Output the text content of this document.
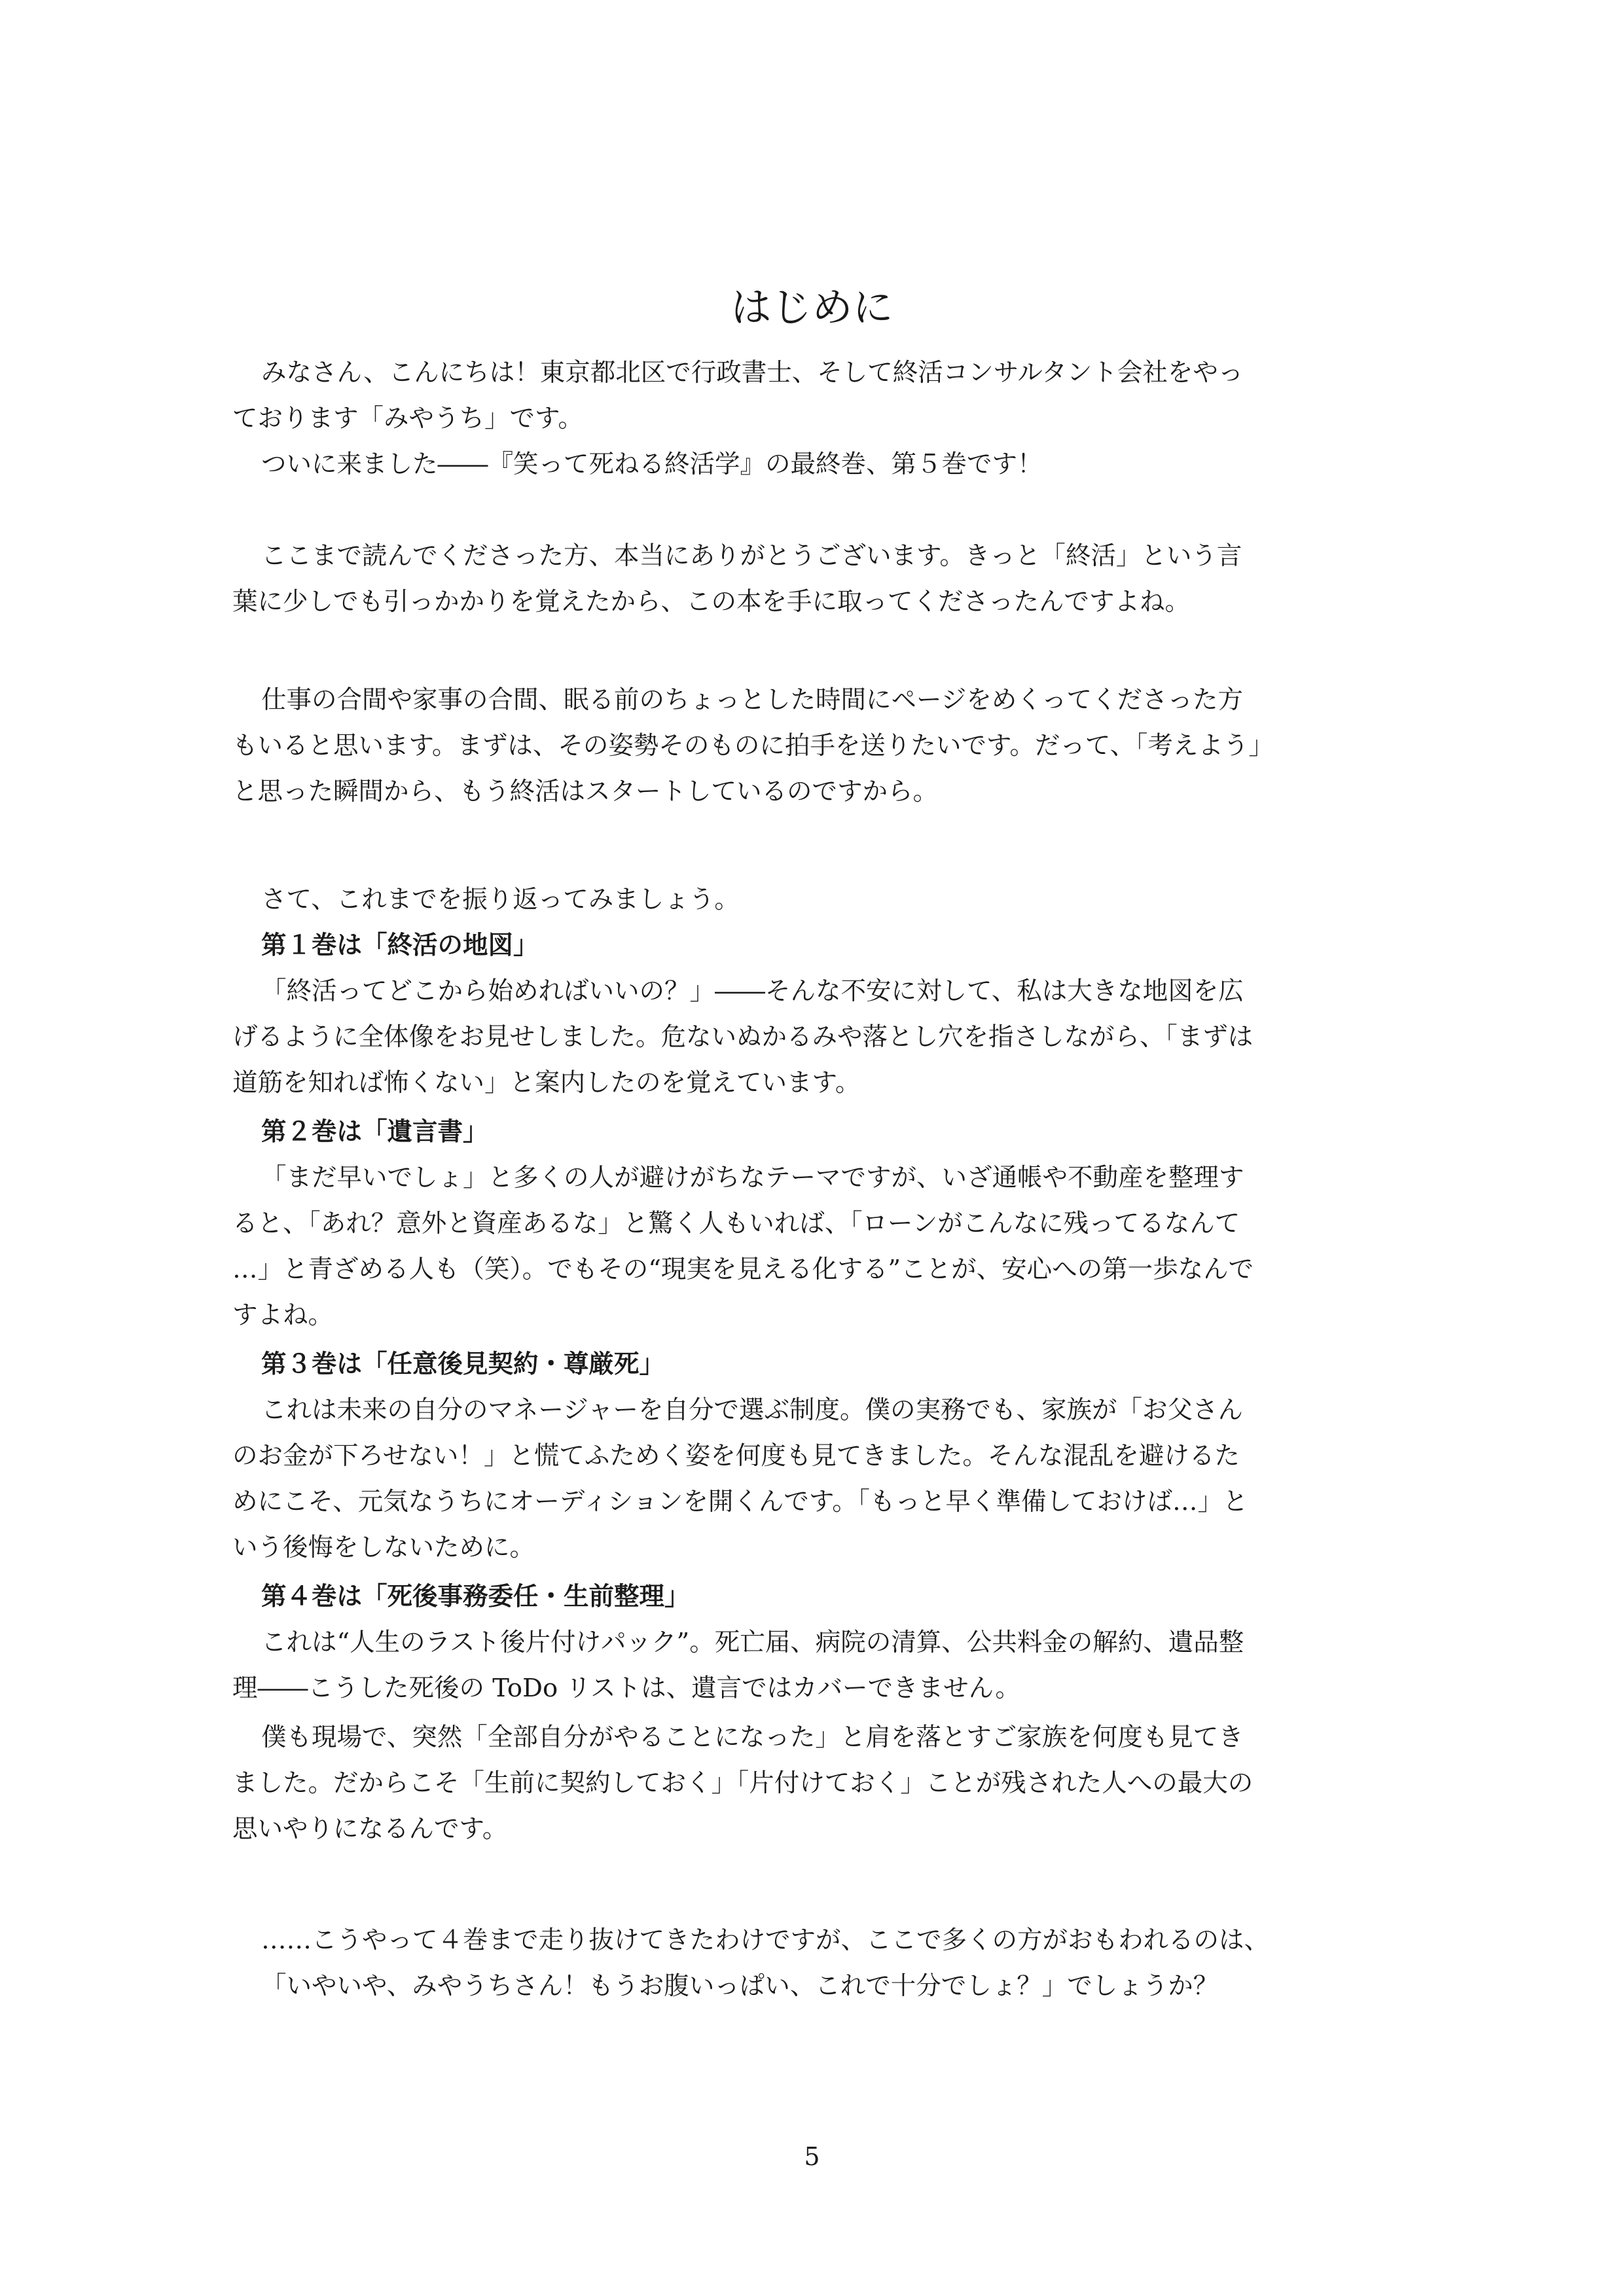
はじめに

みなさん、こんにちは！東京都北区で行政書士、そして終活コンサルタント会社をやっ

ております「みやうち」です。

ついに来ました――『笑って死ねる終活学』の最終巻、第５巻です！

ここまで読んでくださった方、本当にありがとうございます。きっと「終活」という言

葉に少しでも引っかかりを覚えたから、この本を手に取ってくださったんですよね。

仕事の合間や家事の合間、眠る前のちょっとした時間にページをめくってくださった方

もいると思います。まずは、その姿勢そのものに拍手を送りたいです。だって、「考えよう」

と思った瞬間から、もう終活はスタートしているのですから。

さて、これまでを振り返ってみましょう。

第１巻は「終活の地図」

「終活ってどこから始めればいいの？」――そんな不安に対して、私は大きな地図を広

げるように全体像をお見せしました。危ないぬかるみや落とし穴を指さしながら、「まずは

道筋を知れば怖くない」と案内したのを覚えています。

第２巻は「遺言書」

「まだ早いでしょ」と多くの人が避けがちなテーマですが、いざ通帳や不動産を整理す

ると、「あれ？意外と資産あるな」と驚く人もいれば、「ローンがこんなに残ってるなんて

…」と青ざめる人も（笑）。でもその“現実を見える化する”ことが、安心への第一歩なんで

すよね。

第３巻は「任意後見契約・尊厳死」

これは未来の自分のマネージャーを自分で選ぶ制度。僕の実務でも、家族が「お父さん

のお金が下ろせない！」と慌てふためく姿を何度も見てきました。そんな混乱を避けるた

めにこそ、元気なうちにオーディションを開くんです。「もっと早く準備しておけば…」と

いう後悔をしないために。

第４巻は「死後事務委任・生前整理」

これは“人生のラスト後片付けパック”。死亡届、病院の清算、公共料金の解約、遺品整

理――こうした死後の ToDo リストは、遺言ではカバーできません。

僕も現場で、突然「全部自分がやることになった」と肩を落とすご家族を何度も見てき

ました。だからこそ「生前に契約しておく」「片付けておく」ことが残された人への最大の

思いやりになるんです。

……こうやって４巻まで走り抜けてきたわけですが、ここで多くの方がおもわれるのは、

「いやいや、みやうちさん！もうお腹いっぱい、これで十分でしょ？」でしょうか？

5
